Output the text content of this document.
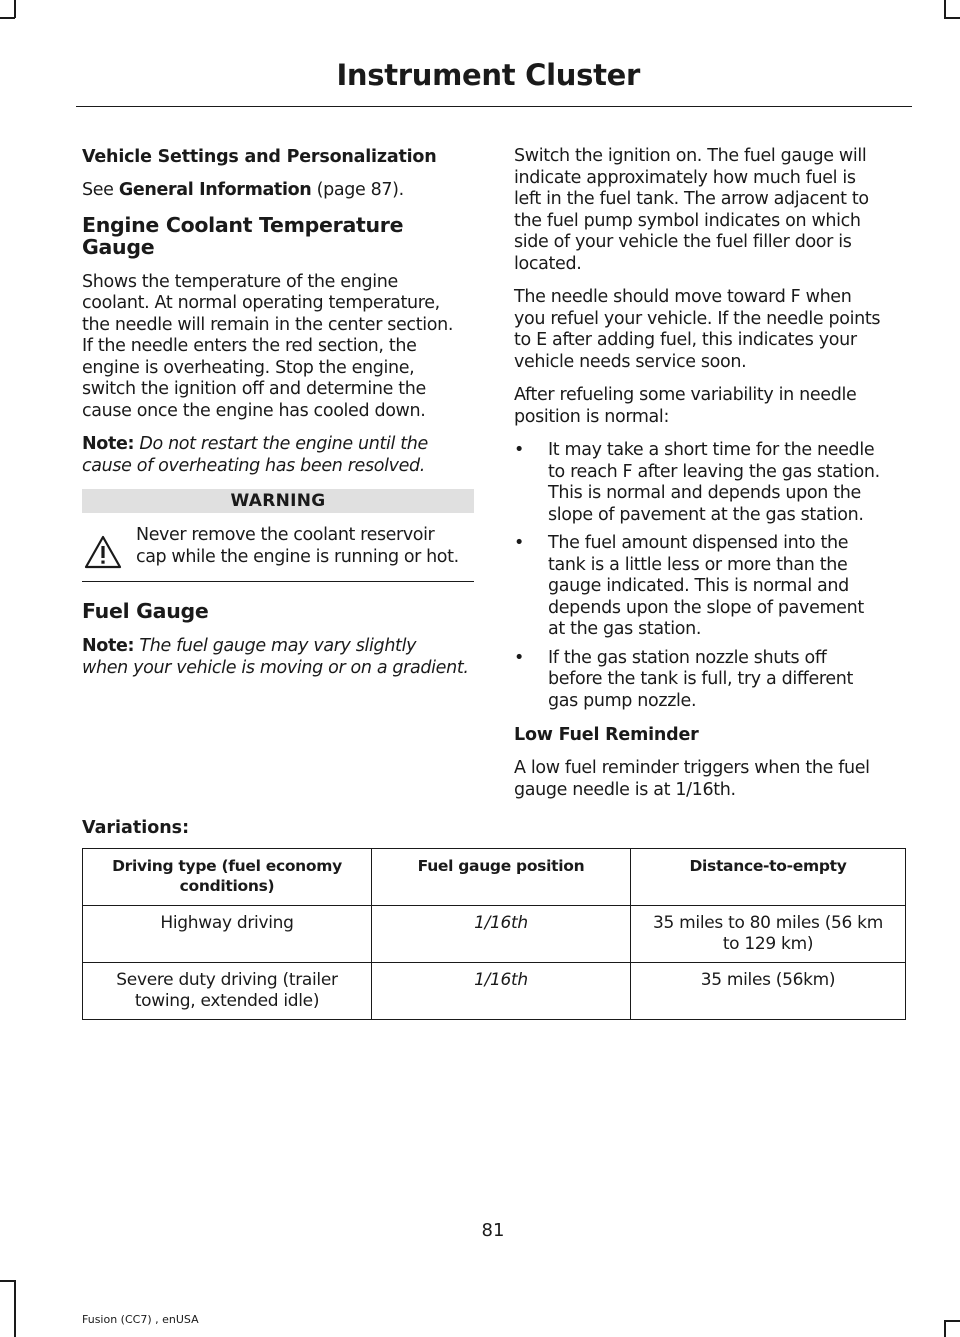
Instrument Cluster
Vehicle Settings and Personalization

See General Information (page 87).

Engine Coolant Temperature
Gauge

Shows the temperature of the engine
coolant. At normal operating temperature,
the needle will remain in the center section.
If the needle enters the red section, the
engine is overheating. Stop the engine,
switch the ignition off and determine the
cause once the engine has cooled down.

Note: Do not restart the engine until the
cause of overheating has been resolved.

WARNING
Never remove the coolant reservoir
cap while the engine is running or hot.
Fuel Gauge

Note: The fuel gauge may vary slightly
when your vehicle is moving or on a gradient.

Switch the ignition on. The fuel gauge will
indicate approximately how much fuel is
left in the fuel tank. The arrow adjacent to
the fuel pump symbol indicates on which
side of your vehicle the fuel filler door is
located.

The needle should move toward F when
you refuel your vehicle. If the needle points
to E after adding fuel, this indicates your
vehicle needs service soon.

After refueling some variability in needle
position is normal:

• It may take a short time for the needle
to reach F after leaving the gas station.
This is normal and depends upon the
slope of pavement at the gas station.
• The fuel amount dispensed into the
tank is a little less or more than the
gauge indicated. This is normal and
depends upon the slope of pavement
at the gas station.
• If the gas station nozzle shuts off
before the tank is full, try a different
gas pump nozzle.
Low Fuel Reminder

A low fuel reminder triggers when the fuel
gauge needle is at 1/16th.

Variations:
Driving type (fuel economy
conditions)	Fuel gauge position	Distance-to-empty
Highway driving	1/16th	35 miles to 80 miles (56 km
to 129 km)
Severe duty driving (trailer
towing, extended idle)	1/16th	35 miles (56km)
81
Fusion (CC7) , enUSA
